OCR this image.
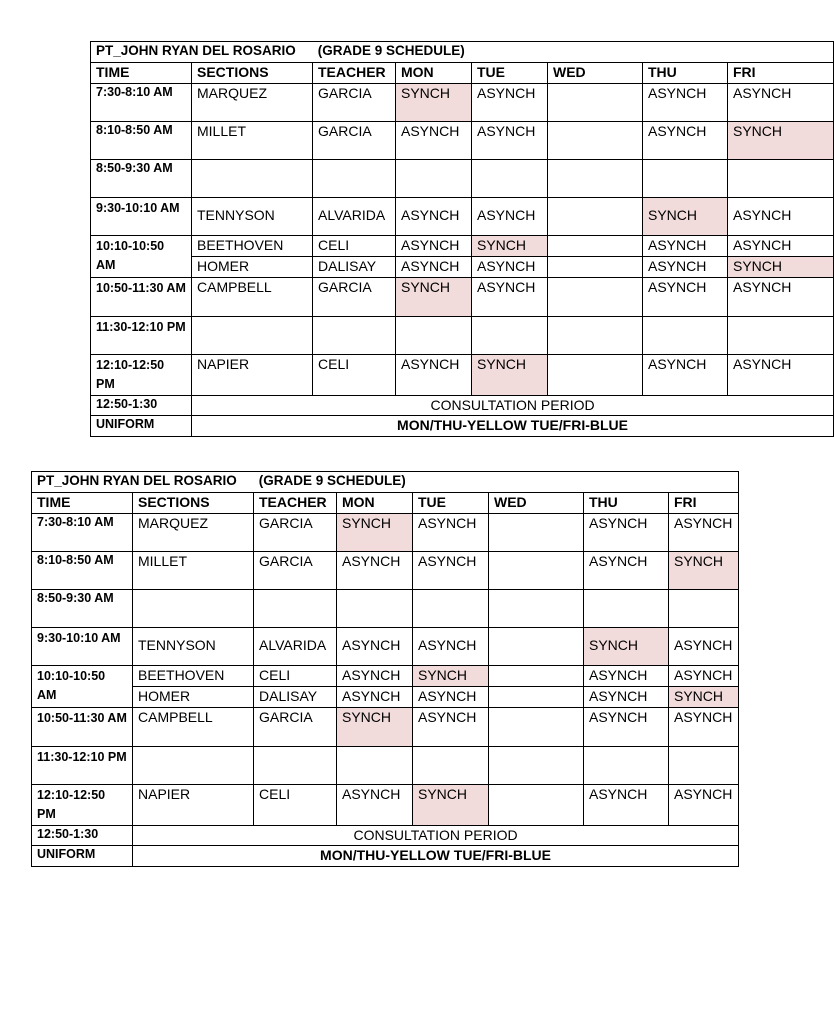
PT_JOHN RYAN DEL ROSARIO (GRADE 9 SCHEDULE)							
TIME	SECTIONS	TEACHER	MON	TUE	WED	THU	FRI
7:30-8:10 AM	MARQUEZ	GARCIA	SYNCH	ASYNCH		ASYNCH	ASYNCH
8:10-8:50 AM	MILLET	GARCIA	ASYNCH	ASYNCH		ASYNCH	SYNCH
8:50-9:30 AM							
9:30-10:10 AM	TENNYSON	ALVARIDA	ASYNCH	ASYNCH		SYNCH	ASYNCH
10:10-10:50 AM	BEETHOVEN	CELI	ASYNCH	SYNCH		ASYNCH	ASYNCH
	HOMER	DALISAY	ASYNCH	ASYNCH		ASYNCH	SYNCH
10:50-11:30 AM	CAMPBELL	GARCIA	SYNCH	ASYNCH		ASYNCH	ASYNCH
11:30-12:10 PM							
12:10-12:50 PM	NAPIER	CELI	ASYNCH	SYNCH		ASYNCH	ASYNCH
12:50-1:30	CONSULTATION PERIOD						
UNIFORM	MON/THU-YELLOW TUE/FRI-BLUE						
PT_JOHN RYAN DEL ROSARIO (GRADE 9 SCHEDULE)							
TIME	SECTIONS	TEACHER	MON	TUE	WED	THU	FRI
7:30-8:10 AM	MARQUEZ	GARCIA	SYNCH	ASYNCH		ASYNCH	ASYNCH
8:10-8:50 AM	MILLET	GARCIA	ASYNCH	ASYNCH		ASYNCH	SYNCH
8:50-9:30 AM							
9:30-10:10 AM	TENNYSON	ALVARIDA	ASYNCH	ASYNCH		SYNCH	ASYNCH
10:10-10:50 AM	BEETHOVEN	CELI	ASYNCH	SYNCH		ASYNCH	ASYNCH
	HOMER	DALISAY	ASYNCH	ASYNCH		ASYNCH	SYNCH
10:50-11:30 AM	CAMPBELL	GARCIA	SYNCH	ASYNCH		ASYNCH	ASYNCH
11:30-12:10 PM							
12:10-12:50 PM	NAPIER	CELI	ASYNCH	SYNCH		ASYNCH	ASYNCH
12:50-1:30	CONSULTATION PERIOD						
UNIFORM	MON/THU-YELLOW TUE/FRI-BLUE						
